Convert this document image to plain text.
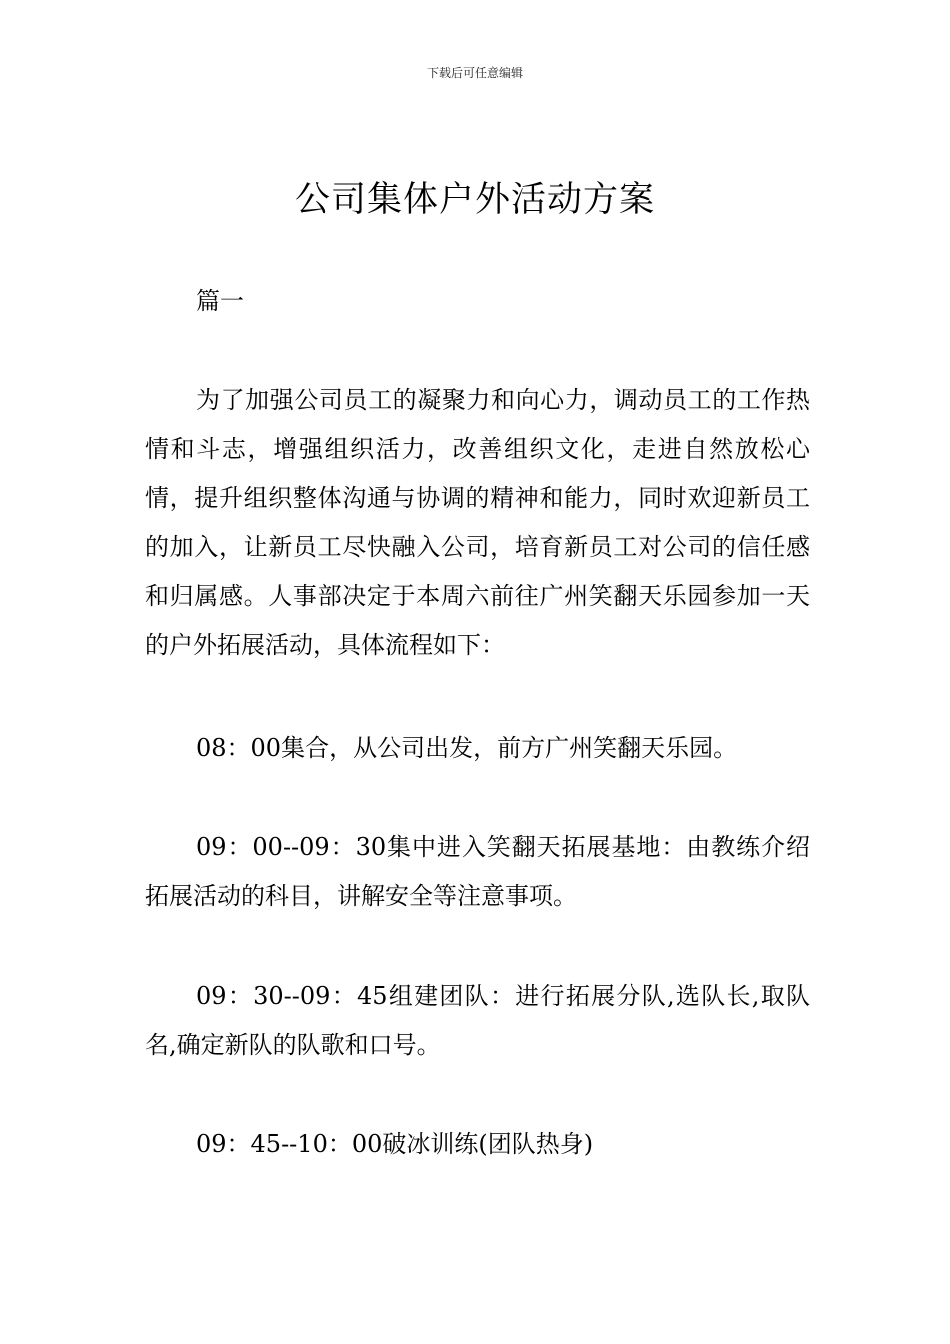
下载后可任意编辑
公司集体户外活动方案

篇一

为了加强公司员工的凝聚力和向心力，调动员工的工作热情和斗志，增强组织活力，改善组织文化，走进自然放松心情，提升组织整体沟通与协调的精神和能力，同时欢迎新员工的加入，让新员工尽快融入公司，培育新员工对公司的信任感和归属感。人事部决定于本周六前往广州笑翻天乐园参加一天的户外拓展活动，具体流程如下：

08：00集合，从公司出发，前方广州笑翻天乐园。

09：00--09：30集中进入笑翻天拓展基地：由教练介绍拓展活动的科目，讲解安全等注意事项。

09：30--09：45组建团队：进行拓展分队,选队长,取队名,确定新队的队歌和口号。

09：45--10：00破冰训练(团队热身)
